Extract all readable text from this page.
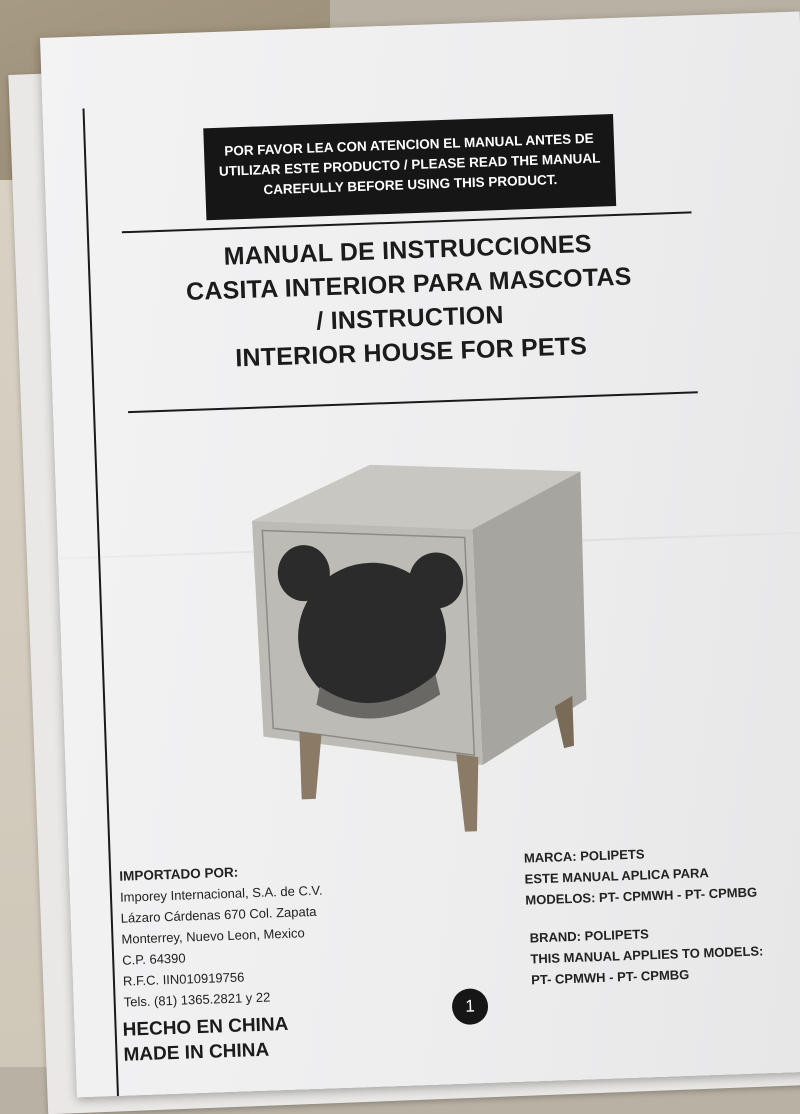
POR FAVOR LEA CON ATENCION EL MANUAL ANTES DE
UTILIZAR ESTE PRODUCTO / PLEASE READ THE MANUAL
CAREFULLY BEFORE USING THIS PRODUCT.
MANUAL DE INSTRUCCIONES
CASITA INTERIOR PARA MASCOTAS
/ INSTRUCTION
INTERIOR HOUSE FOR PETS
IMPORTADO POR:
Imporey Internacional, S.A. de C.V.
Lázaro Cárdenas 670 Col. Zapata
Monterrey, Nuevo Leon, Mexico
C.P. 64390
R.F.C. IIN010919756
Tels. (81) 1365.2821 y 22
MARCA: POLIPETS
ESTE MANUAL APLICA PARA
MODELOS: PT- CPMWH - PT- CPMBG
BRAND: POLIPETS
THIS MANUAL APPLIES TO MODELS:
PT- CPMWH - PT- CPMBG
HECHO EN CHINA
MADE IN CHINA
1
